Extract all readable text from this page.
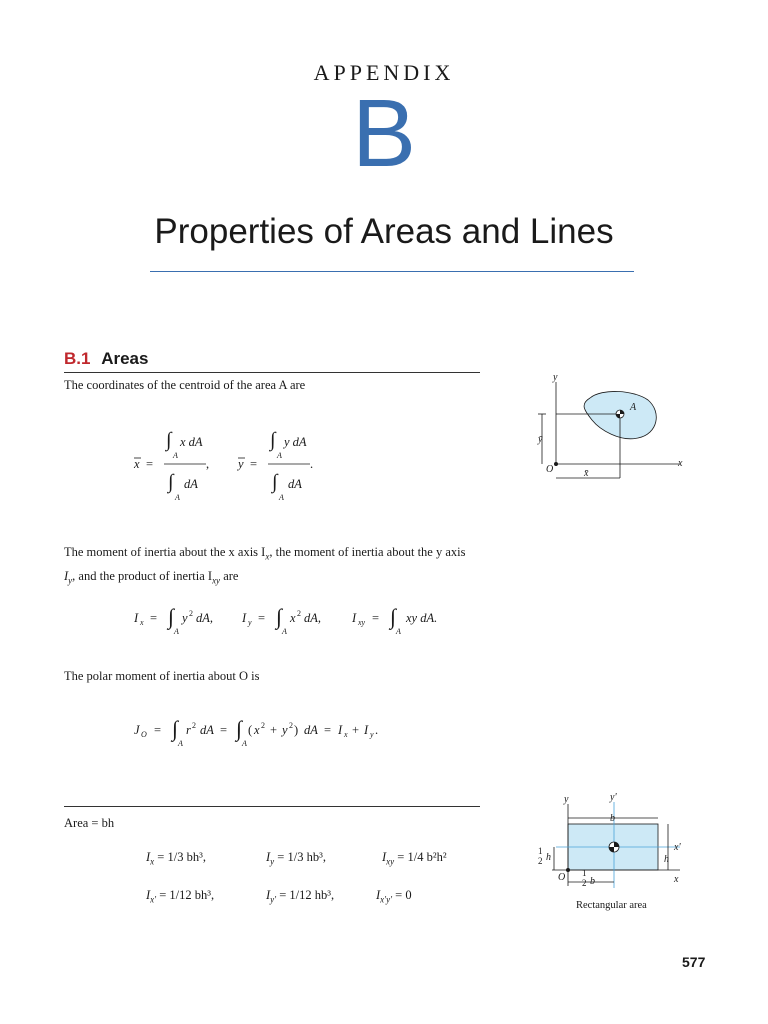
APPENDIX
B
Properties of Areas and Lines
B.1 Areas
The coordinates of the centroid of the area A are
x =
∫
A
x dA
∫
A
dA
, y =
∫
A
y dA
∫
A
dA
.
y
x
A
O
ȳ
x̄
The moment of inertia about the x axis $I_x$, the moment of inertia about the y axis
$I_y$, and the product of inertia $I_{xy}$ are
I x = ∫
A
y 2 dA, I y = ∫
A
x 2 dA, I xy = ∫
A
xy dA.
The polar moment of inertia about O is
J O = ∫
A
r 2 dA = ∫
A
( x 2 + y 2 ) dA = I x + I y .
Area = bh
$I_x = 1/3$ bh³,	$I_y = 1/3$ hb³,	$I_{xy} = 1/4$ b²h²
$I_{x'} = 1/12$ bh³,	$I_{y'} = 1/12$ hb³,	$I_{x'y'} = 0$
y	y'
x
x'
b
h
O
1
2 h
1
2 b
Rectangular area
577
